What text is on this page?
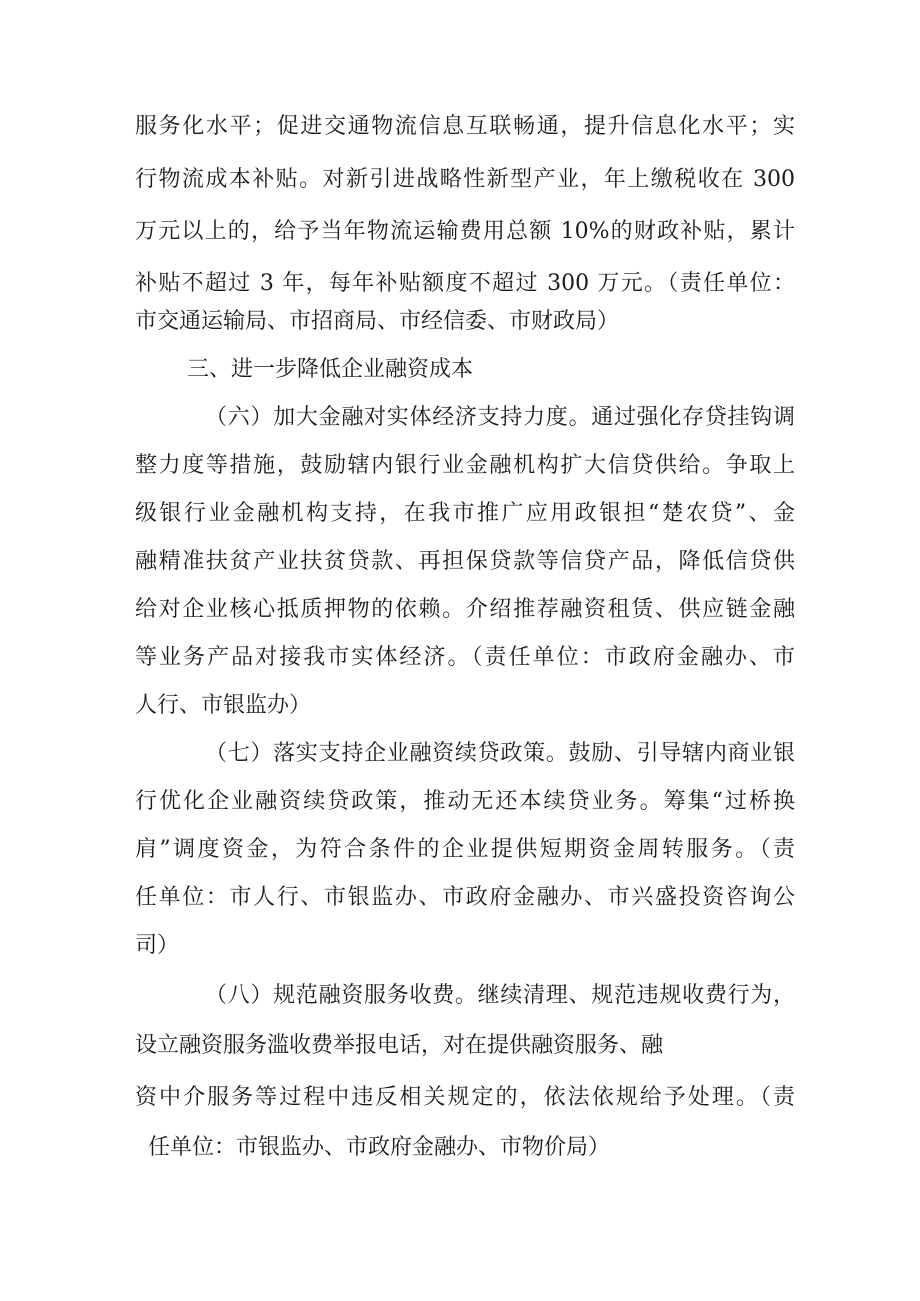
服务化水平；促进交通物流信息互联畅通，提升信息化水平；实
行物流成本补贴。对新引进战略性新型产业，年上缴税收在 300
万元以上的，给予当年物流运输费用总额 10%的财政补贴，累计
补贴不超过 3 年，每年补贴额度不超过 300 万元。（责任单位：
市交通运输局、市招商局、市经信委、市财政局）
三、进一步降低企业融资成本
（六）加大金融对实体经济支持力度。通过强化存贷挂钩调
整力度等措施，鼓励辖内银行业金融机构扩大信贷供给。争取上
级银行业金融机构支持，在我市推广应用政银担“楚农贷”、金
融精准扶贫产业扶贫贷款、再担保贷款等信贷产品，降低信贷供
给对企业核心抵质押物的依赖。介绍推荐融资租赁、供应链金融
等业务产品对接我市实体经济。（责任单位：市政府金融办、市
人行、市银监办）
（七）落实支持企业融资续贷政策。鼓励、引导辖内商业银
行优化企业融资续贷政策，推动无还本续贷业务。筹集“过桥换
肩”调度资金，为符合条件的企业提供短期资金周转服务。（责
任单位：市人行、市银监办、市政府金融办、市兴盛投资咨询公
司）
（八）规范融资服务收费。继续清理、规范违规收费行为，
设立融资服务滥收费举报电话，对在提供融资服务、融
资中介服务等过程中违反相关规定的，依法依规给予处理。（责
任单位：市银监办、市政府金融办、市物价局）
